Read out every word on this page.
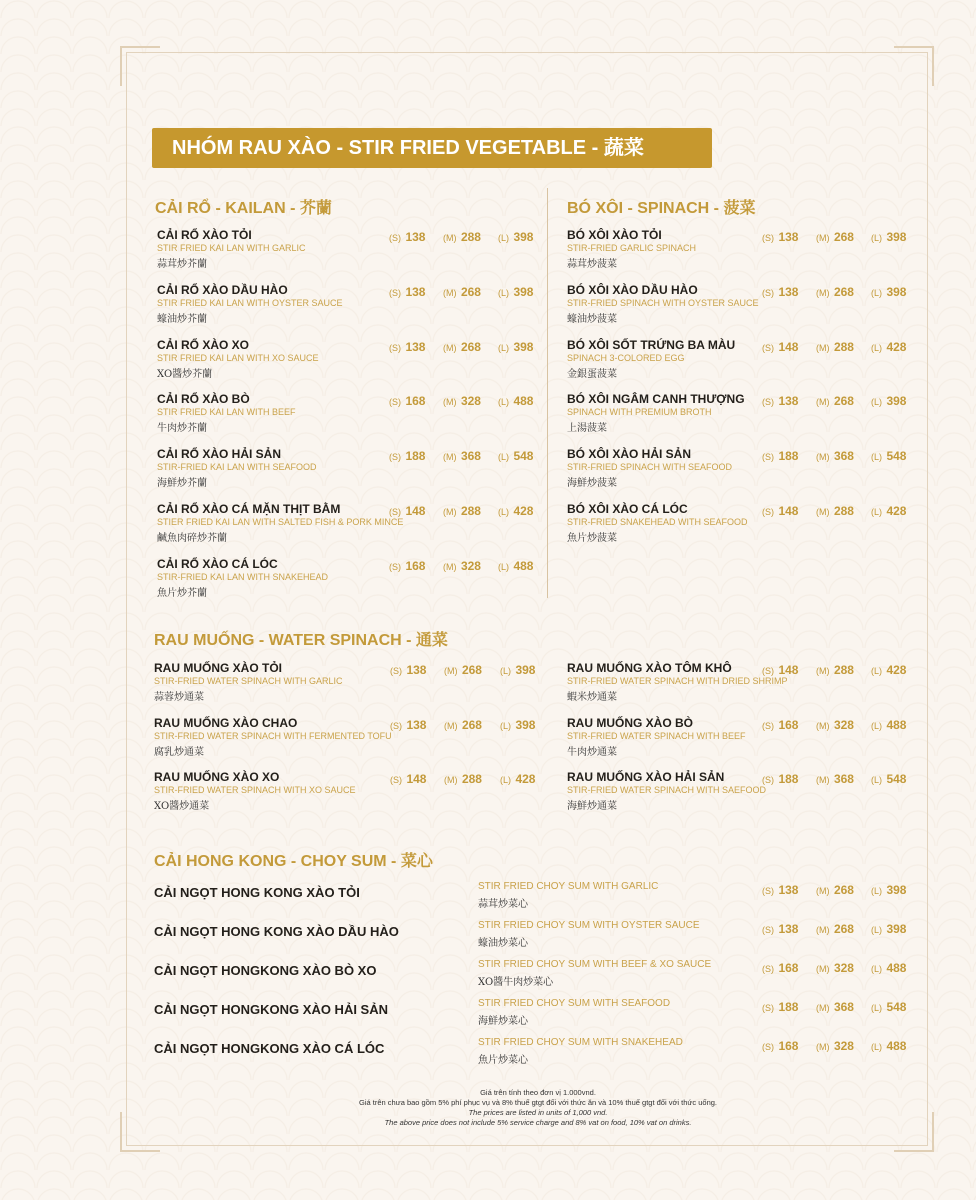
NHÓM RAU XÀO - STIR FRIED VEGETABLE - 蔬菜
CẢI RỔ - KAILAN - 芥蘭	BÓ XÔI - SPINACH - 菠菜
CẢI RỔ XÀO TỎI
STIR FRIED KAI LAN WITH GARLIC
蒜茸炒芥蘭
(S) 138 (M) 288 (L) 398
CẢI RỔ XÀO DẦU HÀO
STIR FRIED KAI LAN WITH OYSTER SAUCE
蠔油炒芥蘭
(S) 138 (M) 268 (L) 398
CẢI RỔ XÀO XO
STIR FRIED KAI LAN WITH XO SAUCE
XO醬炒芥蘭
(S) 138 (M) 268 (L) 398
CẢI RỔ XÀO BÒ
STIR FRIED KAI LAN WITH BEEF
牛肉炒芥蘭
(S) 168 (M) 328 (L) 488
CẢI RỔ XÀO HẢI SẢN
STIR-FRIED KAI LAN WITH SEAFOOD
海鮮炒芥蘭
(S) 188 (M) 368 (L) 548
CẢI RỔ XÀO CÁ MẶN THỊT BẰM
STIER FRIED KAI LAN WITH SALTED FISH & PORK MINCE
鹹魚肉碎炒芥蘭
(S) 148 (M) 288 (L) 428
CẢI RỔ XÀO CÁ LÓC
STIR-FRIED KAI LAN WITH SNAKEHEAD
魚片炒芥蘭
(S) 168 (M) 328 (L) 488
BÓ XÔI XÀO TỎI
STIR-FRIED GARLIC SPINACH
蒜茸炒菠菜
(S) 138 (M) 268 (L) 398
BÓ XÔI XÀO DẦU HÀO
STIR-FRIED SPINACH WITH OYSTER SAUCE
蠔油炒菠菜
(S) 138 (M) 268 (L) 398
BÓ XÔI SỐT TRỨNG BA MÀU
SPINACH 3-COLORED EGG
金銀蛋菠菜
(S) 148 (M) 288 (L) 428
BÓ XÔI NGÂM CANH THƯỢNG
SPINACH WITH PREMIUM BROTH
上湯菠菜
(S) 138 (M) 268 (L) 398
BÓ XÔI XÀO HẢI SẢN
STIR-FRIED SPINACH WITH SEAFOOD
海鮮炒菠菜
(S) 188 (M) 368 (L) 548
BÓ XÔI XÀO CÁ LÓC
STIR-FRIED SNAKEHEAD WITH SEAFOOD
魚片炒菠菜
(S) 148 (M) 288 (L) 428
RAU MUỐNG - WATER SPINACH - 通菜
RAU MUỐNG XÀO TỎI
STIR-FRIED WATER SPINACH WITH GARLIC
蒜蓉炒通菜
(S) 138 (M) 268 (L) 398
RAU MUỐNG XÀO CHAO
STIR-FRIED WATER SPINACH WITH FERMENTED TOFU
腐乳炒通菜
(S) 138 (M) 268 (L) 398
RAU MUỐNG XÀO XO
STIR-FRIED WATER SPINACH WITH XO SAUCE
XO醬炒通菜
(S) 148 (M) 288 (L) 428
RAU MUỐNG XÀO TÔM KHÔ
STIR-FRIED WATER SPINACH WITH DRIED SHRIMP
蝦米炒通菜
(S) 148 (M) 288 (L) 428
RAU MUỐNG XÀO BÒ
STIR-FRIED WATER SPINACH WITH BEEF
牛肉炒通菜
(S) 168 (M) 328 (L) 488
RAU MUỐNG XÀO HẢI SẢN
STIR-FRIED WATER SPINACH WITH SAEFOOD
海鮮炒通菜
(S) 188 (M) 368 (L) 548
CẢI HONG KONG - CHOY SUM - 菜心
CẢI NGỌT HONG KONG XÀO TỎI	STIR FRIED CHOY SUM WITH GARLIC
蒜茸炒菜心
(S) 138 (M) 268 (L) 398
CẢI NGỌT HONG KONG XÀO DẦU HÀO	STIR FRIED CHOY SUM WITH OYSTER SAUCE
蠔油炒菜心
(S) 138 (M) 268 (L) 398
CẢI NGỌT HONGKONG XÀO BÒ XO	STIR FRIED CHOY SUM WITH BEEF & XO SAUCE
XO醬牛肉炒菜心
(S) 168 (M) 328 (L) 488
CẢI NGỌT HONGKONG XÀO HẢI SẢN	STIR FRIED CHOY SUM WITH SEAFOOD
海鮮炒菜心
(S) 188 (M) 368 (L) 548
CẢI NGỌT HONGKONG XÀO CÁ LÓC	STIR FRIED CHOY SUM WITH SNAKEHEAD
魚片炒菜心
(S) 168 (M) 328 (L) 488
Giá trên tính theo đơn vị 1.000vnd.
Giá trên chưa bao gồm 5% phí phục vụ và 8% thuế gtgt đối với thức ăn và 10% thuế gtgt đối với thức uống.
The prices are listed in units of 1,000 vnd.
The above price does not include 5% service charge and 8% vat on food, 10% vat on drinks.
